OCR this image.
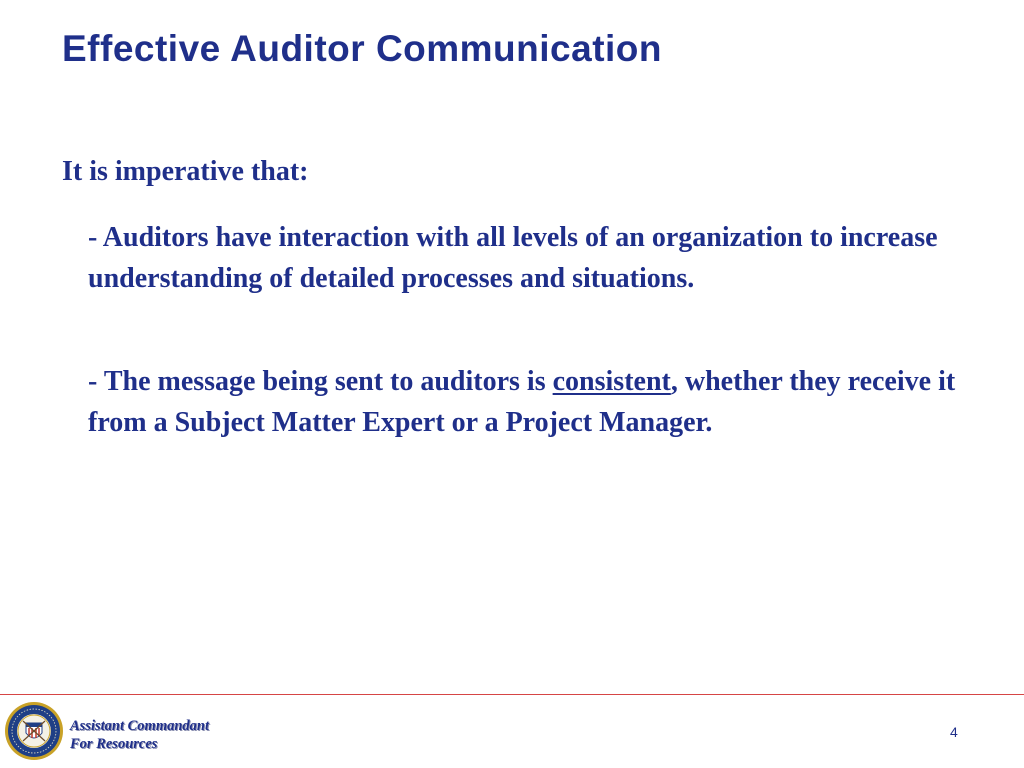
Effective Auditor Communication
It is imperative that:
- Auditors have interaction with all levels of an organization to increase understanding of detailed processes and situations.
- The message being sent to auditors is consistent, whether they receive it from a Subject Matter Expert or a Project Manager.
Assistant Commandant
For Resources
4
